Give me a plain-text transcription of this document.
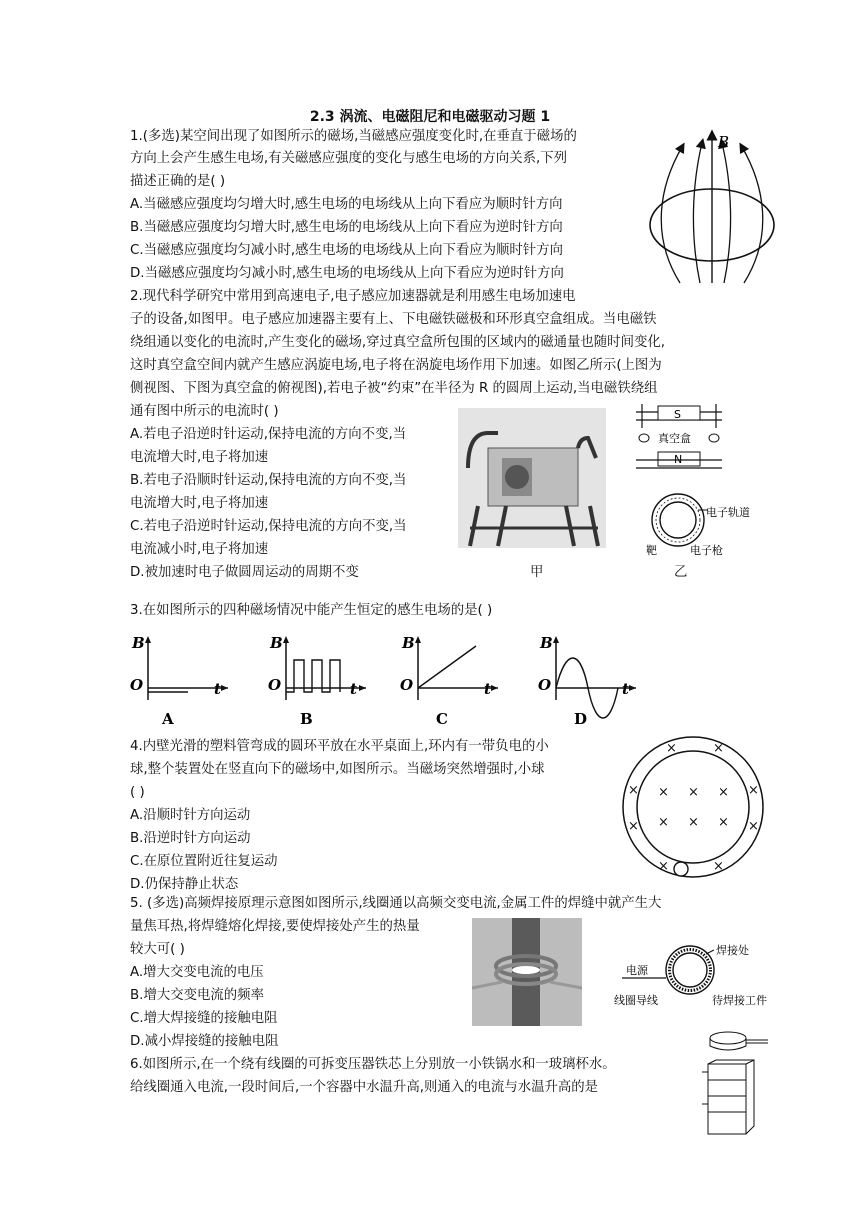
2.3 涡流、电磁阻尼和电磁驱动习题 1
1.(多选)某空间出现了如图所示的磁场,当磁感应强度变化时,在垂直于磁场的
方向上会产生感生电场,有关磁感应强度的变化与感生电场的方向关系,下列
描述正确的是( )
A.当磁感应强度均匀增大时,感生电场的电场线从上向下看应为顺时针方向
B.当磁感应强度均匀增大时,感生电场的电场线从上向下看应为逆时针方向
C.当磁感应强度均匀减小时,感生电场的电场线从上向下看应为顺时针方向
D.当磁感应强度均匀减小时,感生电场的电场线从上向下看应为逆时针方向
B
2.现代科学研究中常用到高速电子,电子感应加速器就是利用感生电场加速电
子的设备,如图甲。电子感应加速器主要有上、下电磁铁磁极和环形真空盒组成。当电磁铁
绕组通以变化的电流时,产生变化的磁场,穿过真空盒所包围的区域内的磁通量也随时间变化,
这时真空盒空间内就产生感应涡旋电场,电子将在涡旋电场作用下加速。如图乙所示(上图为
侧视图、下图为真空盒的俯视图),若电子被“约束”在半径为 R 的圆周上运动,当电磁铁绕组
通有图中所示的电流时( )
A.若电子沿逆时针运动,保持电流的方向不变,当
电流增大时,电子将加速
B.若电子沿顺时针运动,保持电流的方向不变,当
电流增大时,电子将加速
C.若电子沿逆时针运动,保持电流的方向不变,当
电流减小时,电子将加速
D.被加速时电子做圆周运动的周期不变	甲
S
真空盒
电子轨道
靶	电子枪
乙
3.在如图所示的四种磁场情况中能产生恒定的感生电场的是( )
B
O	t
A
B
O	t
B
B
O	t
C
B
O	t
D
4.内壁光滑的塑料管弯成的圆环平放在水平桌面上,环内有一带负电的小
球,整个装置处在竖直向下的磁场中,如图所示。当磁场突然增强时,小球
( )
A.沿顺时针方向运动
B.沿逆时针方向运动
C.在原位置附近往复运动
D.仍保持静止状态
×	×
×	×
×	×
× × ×
× × ×
×	×
5. (多选)高频焊接原理示意图如图所示,线圈通以高频交变电流,金属工件的焊缝中就产生大
量焦耳热,将焊缝熔化焊接,要使焊接处产生的热量
较大可( )
A.增大交变电流的电压
B.增大交变电流的频率
C.增大焊接缝的接触电阻
D.减小焊接缝的接触电阻
焊接处
电源
线圈导线	待焊接工件
6.如图所示,在一个绕有线圈的可拆变压器铁芯上分别放一小铁锅水和一玻璃杯水。
给线圈通入电流,一段时间后,一个容器中水温升高,则通入的电流与水温升高的是
